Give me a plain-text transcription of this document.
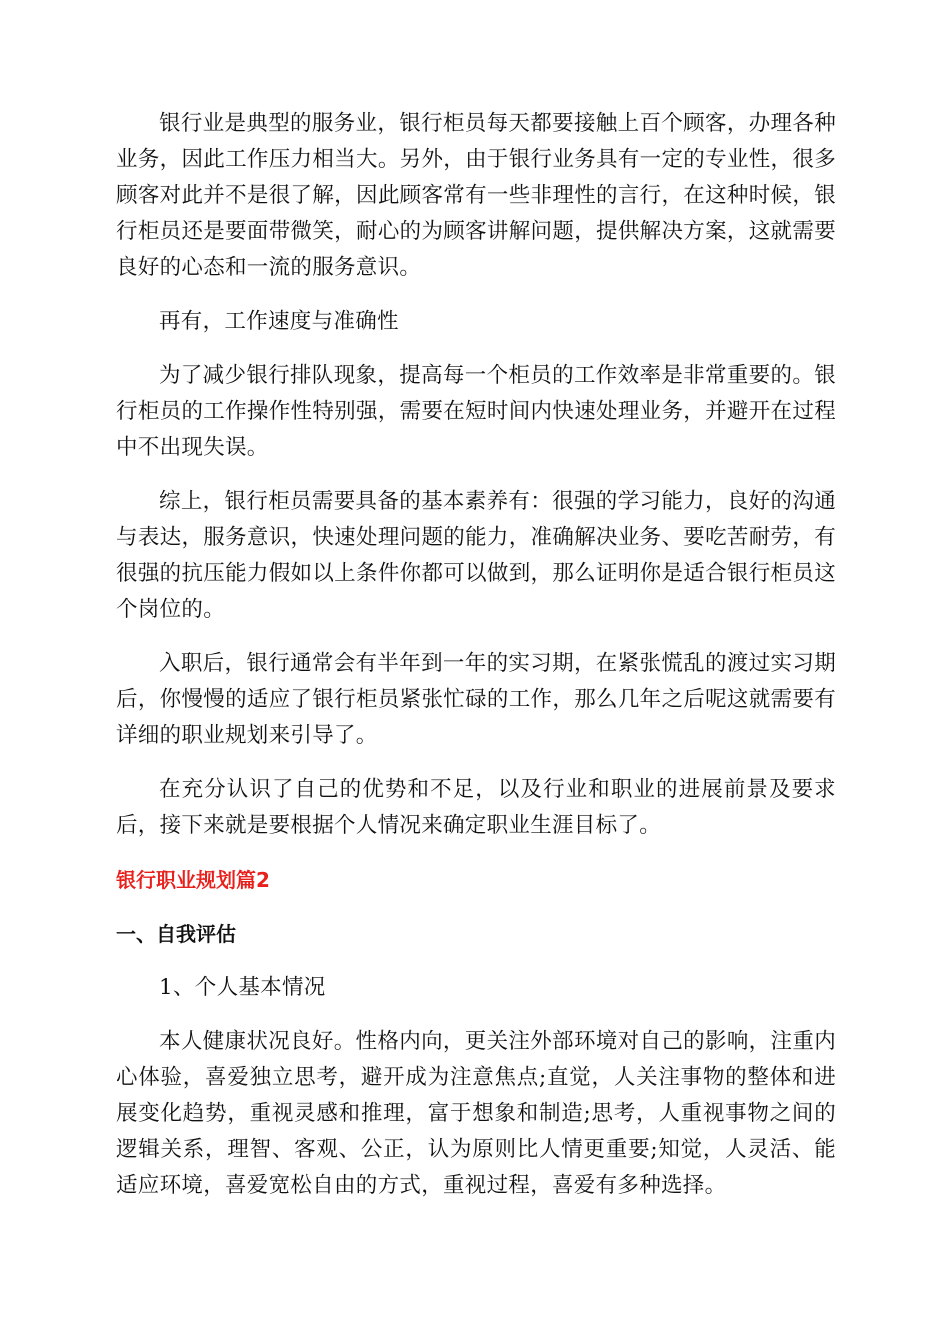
银行业是典型的服务业，银行柜员每天都要接触上百个顾客，办理各种业务，因此工作压力相当大。另外，由于银行业务具有一定的专业性，很多顾客对此并不是很了解，因此顾客常有一些非理性的言行，在这种时候，银行柜员还是要面带微笑，耐心的为顾客讲解问题，提供解决方案，这就需要良好的心态和一流的服务意识。

再有，工作速度与准确性

为了减少银行排队现象，提高每一个柜员的工作效率是非常重要的。银行柜员的工作操作性特别强，需要在短时间内快速处理业务，并避开在过程中不出现失误。

综上，银行柜员需要具备的基本素养有：很强的学习能力，良好的沟通与表达，服务意识，快速处理问题的能力，准确解决业务、要吃苦耐劳，有很强的抗压能力假如以上条件你都可以做到，那么证明你是适合银行柜员这个岗位的。

入职后，银行通常会有半年到一年的实习期，在紧张慌乱的渡过实习期后，你慢慢的适应了银行柜员紧张忙碌的工作，那么几年之后呢这就需要有详细的职业规划来引导了。

在充分认识了自己的优势和不足，以及行业和职业的进展前景及要求后，接下来就是要根据个人情况来确定职业生涯目标了。

银行职业规划篇2
一、自我评估

1、个人基本情况

本人健康状况良好。性格内向，更关注外部环境对自己的影响，注重内心体验，喜爱独立思考，避开成为注意焦点;直觉，人关注事物的整体和进展变化趋势，重视灵感和推理，富于想象和制造;思考，人重视事物之间的逻辑关系，理智、客观、公正，认为原则比人情更重要;知觉，人灵活、能适应环境，喜爱宽松自由的方式，重视过程，喜爱有多种选择。
